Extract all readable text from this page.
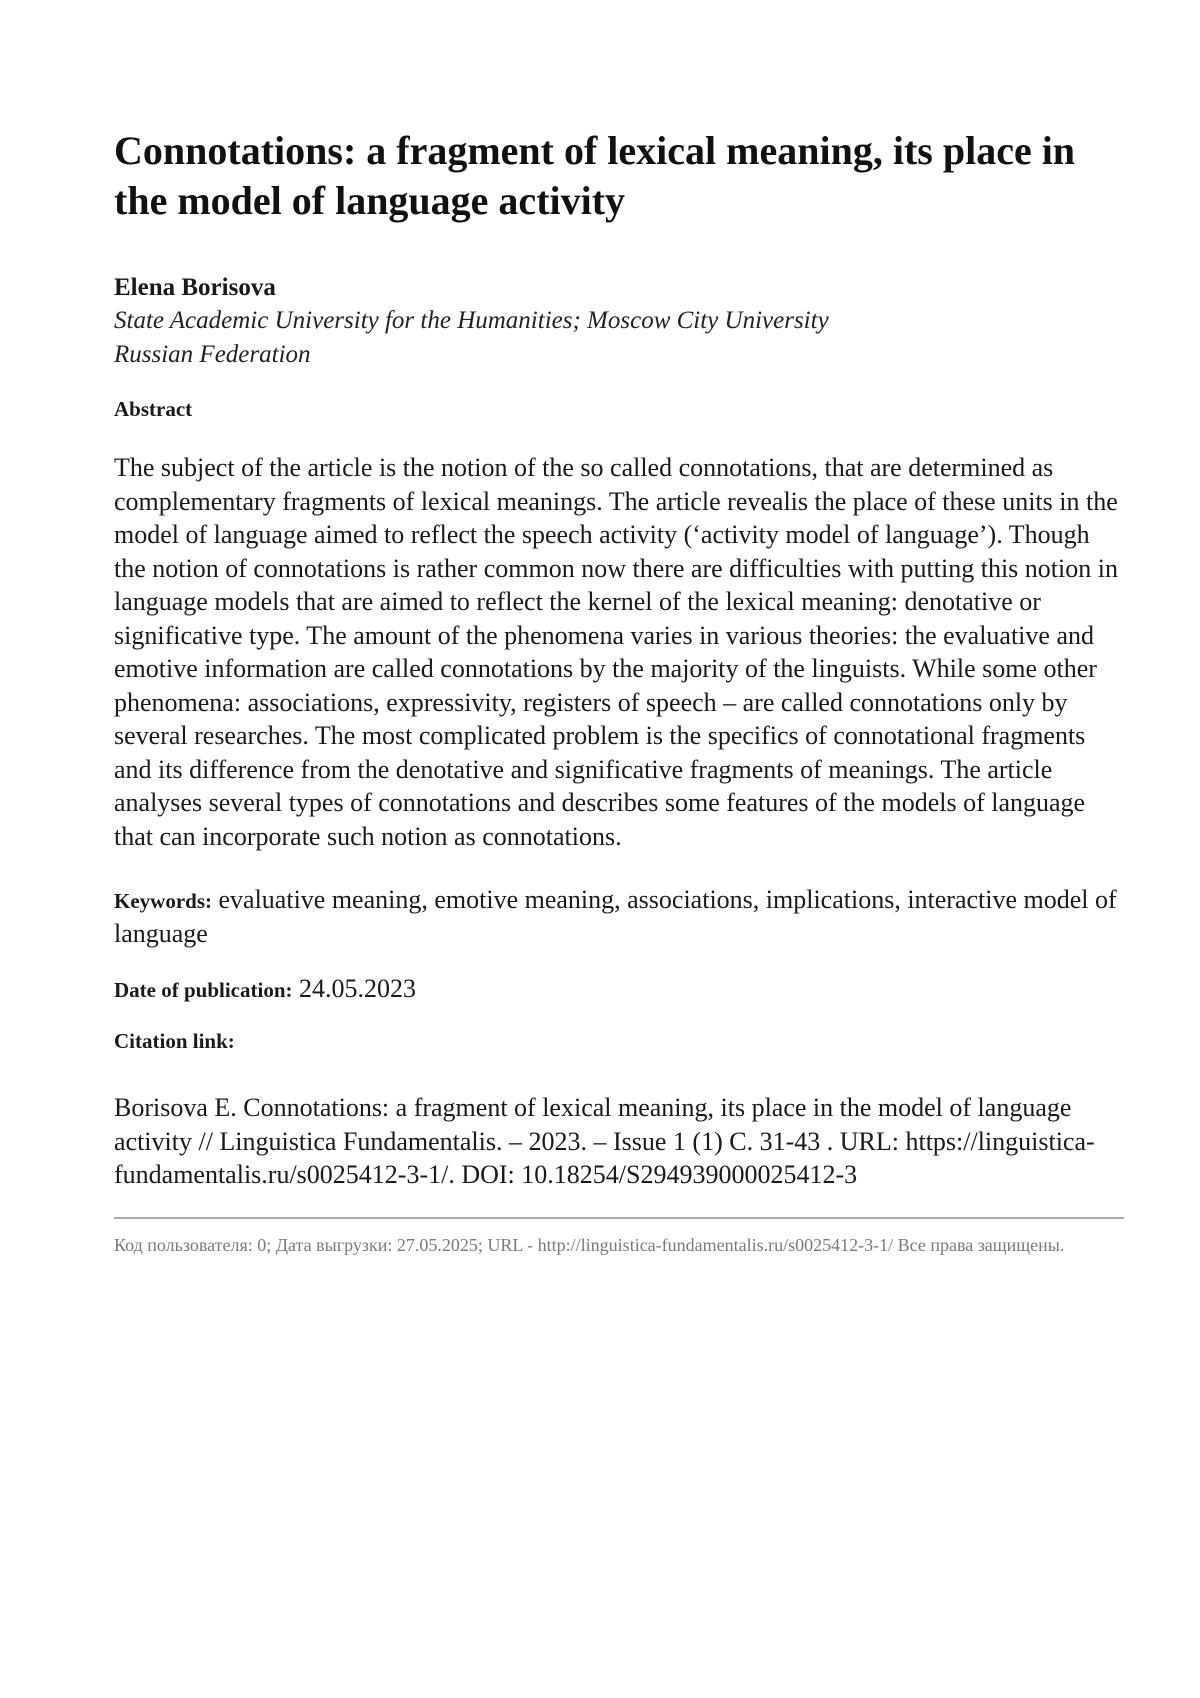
Connotations: a fragment of lexical meaning, its place in the model of language activity
Elena Borisova
State Academic University for the Humanities; Moscow City University
Russian Federation
Abstract
The subject of the article is the notion of the so called connotations, that are determined as complementary fragments of lexical meanings. The article revealis the place of these units in the model of language aimed to reflect the speech activity (‘activity model of language’). Though the notion of connotations is rather common now there are difficulties with putting this notion in language models that are aimed to reflect the kernel of the lexical meaning: denotative or significative type. The amount of the phenomena varies in various theories: the evaluative and emotive information are called connotations by the majority of the linguists. While some other phenomena: associations, expressivity, registers of speech – are called connotations only by several researches. The most complicated problem is the specifics of connotational fragments and its difference from the denotative and significative fragments of meanings. The article analyses several types of connotations and describes some features of the models of language that can incorporate such notion as connotations.
Keywords: evaluative meaning, emotive meaning, associations, implications, interactive model of language
Date of publication: 24.05.2023
Citation link:
Borisova E. Connotations: a fragment of lexical meaning, its place in the model of language activity // Linguistica Fundamentalis. – 2023. – Issue 1 (1) C. 31-43 . URL: https://linguistica-fundamentalis.ru/s0025412-3-1/. DOI: 10.18254/S294939000025412-3
Код пользователя: 0; Дата выгрузки: 27.05.2025; URL - http://linguistica-fundamentalis.ru/s0025412-3-1/ Все права защищены.
